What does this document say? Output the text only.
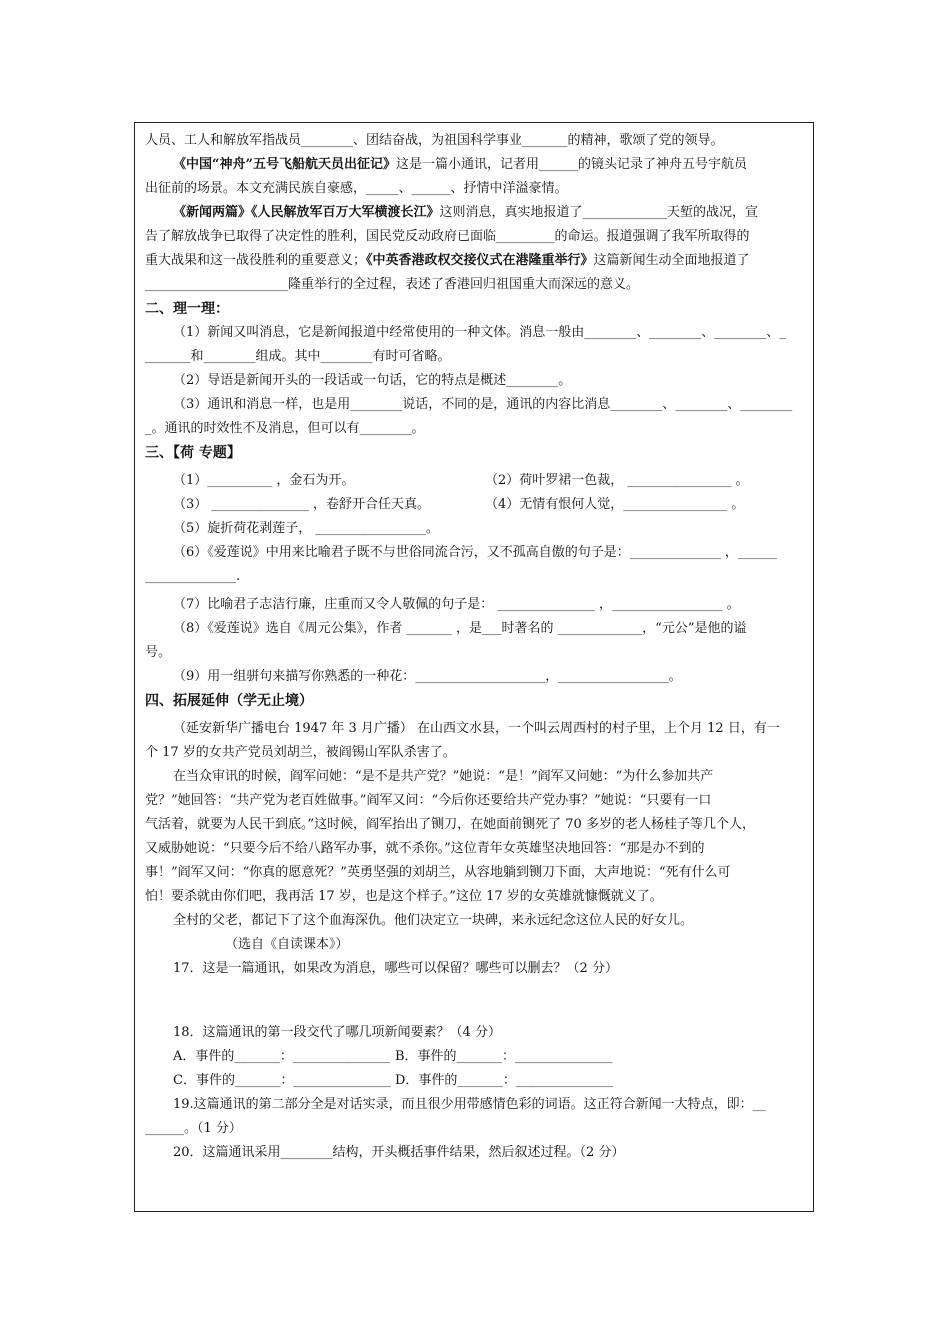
人员、工人和解放军指战员________、团结奋战，为祖国科学事业_______的精神，歌颂了党的领导。
《中国“神舟”五号飞船航天员出征记》这是一篇小通讯，记者用______的镜头记录了神舟五号宇航员
出征前的场景。本文充满民族自豪感，_____、______、抒情中洋溢豪情。
《新闻两篇》《人民解放军百万大军横渡长江》这则消息，真实地报道了_____________天堑的战况，宣
告了解放战争已取得了决定性的胜利，国民党反动政府已面临_________的命运。报道强调了我军所取得的
重大战果和这一战役胜利的重要意义；《中英香港政权交接仪式在港隆重举行》这篇新闻生动全面地报道了
______________________隆重举行的全过程，表述了香港回归祖国重大而深远的意义。
二、理一理：
（1）新闻又叫消息，它是新闻报道中经常使用的一种文体。消息一般由________、________、________、_
_______和________组成。其中________有时可省略。
（2）导语是新闻开头的一段话或一句话，它的特点是概述________。
（3）通讯和消息一样，也是用________说话，不同的是，通讯的内容比消息________、________、________
_。通讯的时效性不及消息，但可以有________。
三、【荷 专题】
（1）__________ ，金石为开。	（2）荷叶罗裙一色裁， ________________ 。
（3） _______________ ，卷舒开合任天真。	（4）无情有恨何人觉，________________ 。
（5）旋折荷花剥莲子， _________________。
（6）《爱莲说》中用来比喻君子既不与世俗同流合污，又不孤高自傲的句子是：______________ ，______
______________.
（7）比喻君子志洁行廉，庄重而又令人敬佩的句子是： _______________ ，_________________ 。
（8）《爱莲说》选自《周元公集》，作者 _______ ，是___时著名的 _____________，“元公”是他的谥
号。
（9）用一组骈句来描写你熟悉的一种花：____________________，_________________。
四、拓展延伸（学无止境）
（延安新华广播电台 1947 年 3 月广播） 在山西文水县，一个叫云周西村的村子里，上个月 12 日，有一
个 17 岁的女共产党员刘胡兰，被阎锡山军队杀害了。
在当众审讯的时候，阎军问她：“是不是共产党？”她说：“是！”阎军又问她：“为什么参加共产
党？”她回答：“共产党为老百姓做事。”阎军又问：“今后你还要给共产党办事？”她说：“只要有一口
气活着，就要为人民干到底。”这时候，阎军抬出了铡刀，在她面前铡死了 70 多岁的老人杨桂子等几个人，
又威胁她说：“只要今后不给八路军办事，就不杀你。”这位青年女英雄坚决地回答：“那是办不到的
事！”阎军又问：“你真的愿意死？”英勇坚强的刘胡兰，从容地躺到铡刀下面，大声地说：“死有什么可
怕！要杀就由你们吧，我再活 17 岁，也是这个样子。”这位 17 岁的女英雄就慷慨就义了。
全村的父老，都记下了这个血海深仇。他们决定立一块碑，来永远纪念这位人民的好女儿。
（选自《自读课本》）
17．这是一篇通讯，如果改为消息，哪些可以保留？哪些可以删去？（2 分）
18．这篇通讯的第一段交代了哪几项新闻要素？（4 分）
A．事件的_______：_______________ B．事件的_______：_______________
C．事件的_______：_______________ D．事件的_______：_______________
19.这篇通讯的第二部分全是对话实录，而且很少用带感情色彩的词语。这正符合新闻一大特点，即：__
______。（1 分）
20．这篇通讯采用________结构，开头概括事件结果，然后叙述过程。（2 分）
